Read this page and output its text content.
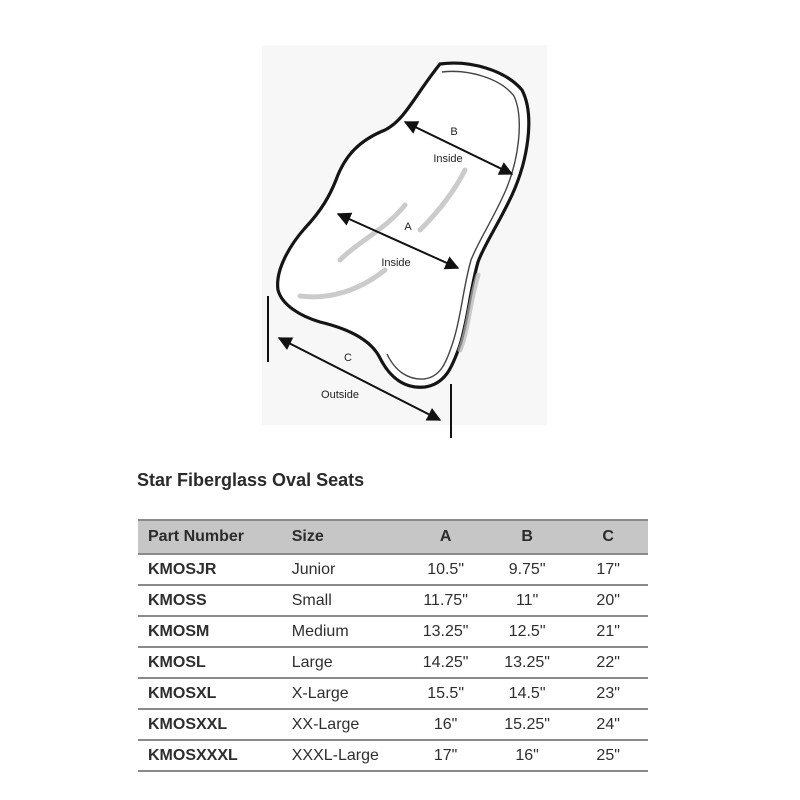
B
Inside
A
Inside
C
Outside
Star Fiberglass Oval Seats
Part Number	Size	A	B	C
KMOSJR	Junior	10.5"	9.75"	17"
KMOSS	Small	11.75"	11"	20"
KMOSM	Medium	13.25"	12.5"	21"
KMOSL	Large	14.25"	13.25"	22"
KMOSXL	X-Large	15.5"	14.5"	23"
KMOSXXL	XX-Large	16"	15.25"	24"
KMOSXXXL	XXXL-Large	17"	16"	25"
